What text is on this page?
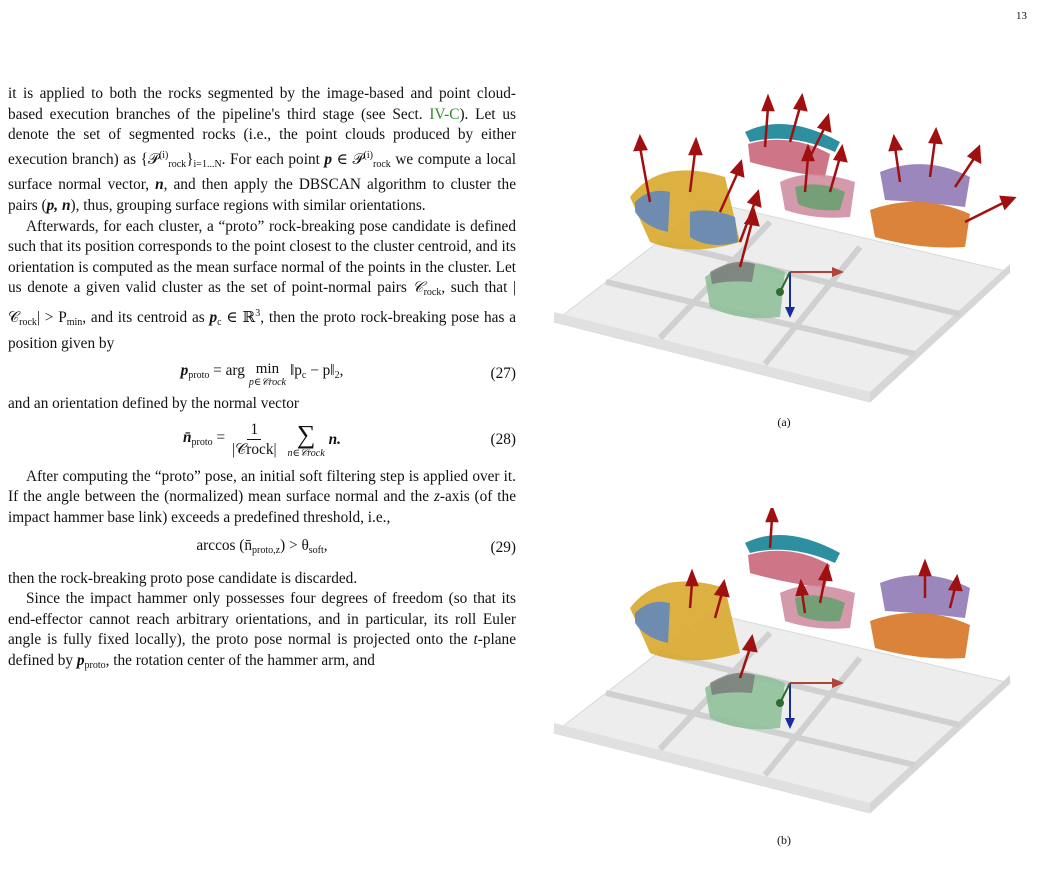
13

it is applied to both the rocks segmented by the image-based and point cloud-based execution branches of the pipeline's third stage (see Sect. IV-C). Let us denote the set of segmented rocks (i.e., the point clouds produced by either execution branch) as $\{𝒫^{(i)}_{rock}\}_{i=1...N}$. For each point p ∈ 𝒫$^{(i)}_{rock}$ we compute a local surface normal vector, n, and then apply the DBSCAN algorithm to cluster the pairs (p, n), thus, grouping surface regions with similar orientations.

Afterwards, for each cluster, a “proto” rock-breaking pose candidate is defined such that its position corresponds to the point closest to the cluster centroid, and its orientation is computed as the mean surface normal of the points in the cluster. Let us denote a given valid cluster as the set of point-normal pairs 𝒞$_{rock}$, such that |𝒞$_{rock}$| > $P_{min}$, and its centroid as $p_c$ ∈ ℝ$^3$, then the proto rock-breaking pose has a position given by

$p_{proto}$ = arg min
p∈𝒞rock
$‖p_c$ − $p‖_2$,	(27)

and an orientation defined by the normal vector

$n̄_{proto} = \frac{1}{\text{|𝒞rock|}}$ ∑
n∈𝒞rock
n.	(28)

After computing the “proto” pose, an initial soft filtering step is applied over it. If the angle between the (normalized) mean surface normal and the z-axis (of the impact hammer base link) exceeds a predefined threshold, i.e.,

$\arccos (n̄_{proto,z}) > \theta_{soft}$,	(29)

then the rock-breaking proto pose candidate is discarded.

Since the impact hammer only possesses four degrees of freedom (so that its end-effector cannot reach arbitrary orientations, and in particular, its roll Euler angle is fully fixed locally), the proto pose normal is projected onto the t-plane defined by $p_{proto}$, the rotation center of the hammer arm, and

(a)
(b)
